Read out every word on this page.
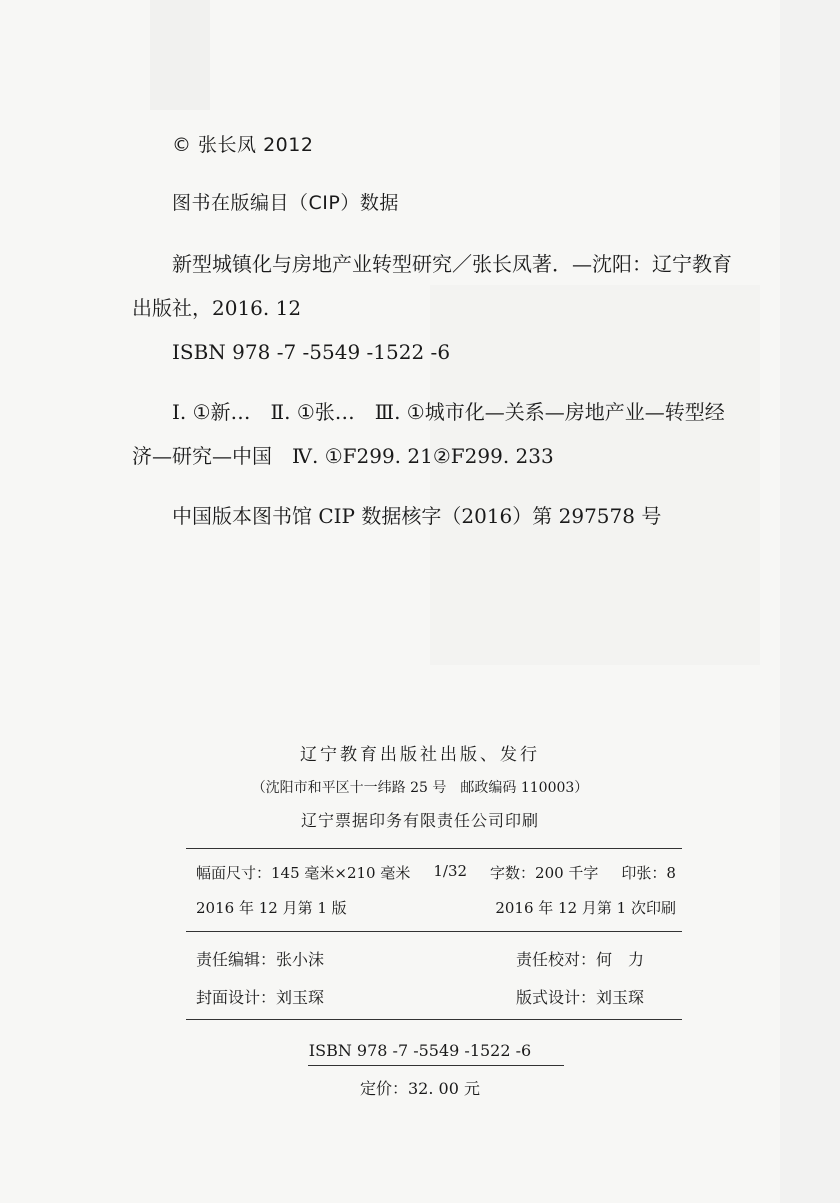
© 张长凤 2012
图书在版编目（CIP）数据

新型城镇化与房地产业转型研究／张长凤著．—沈阳：辽宁教育出版社，2016. 12

ISBN 978 -7 -5549 -1522 -6

Ⅰ. ①新…　Ⅱ. ①张…　Ⅲ. ①城市化—关系—房地产业—转型经济—研究—中国　Ⅳ. ①F299. 21②F299. 233

中国版本图书馆 CIP 数据核字（2016）第 297578 号

辽宁教育出版社出版、发行
（沈阳市和平区十一纬路 25 号　邮政编码 110003）
辽宁票据印务有限责任公司印刷
幅面尺寸：145 毫米×210 毫米 1/32 字数：200 千字 印张：8
2016 年 12 月第 1 版	2016 年 12 月第 1 次印刷
责任编辑：张小沫	责任校对：何　力
封面设计：刘玉琛	版式设计：刘玉琛
ISBN 978 -7 -5549 -1522 -6
定价：32. 00 元
